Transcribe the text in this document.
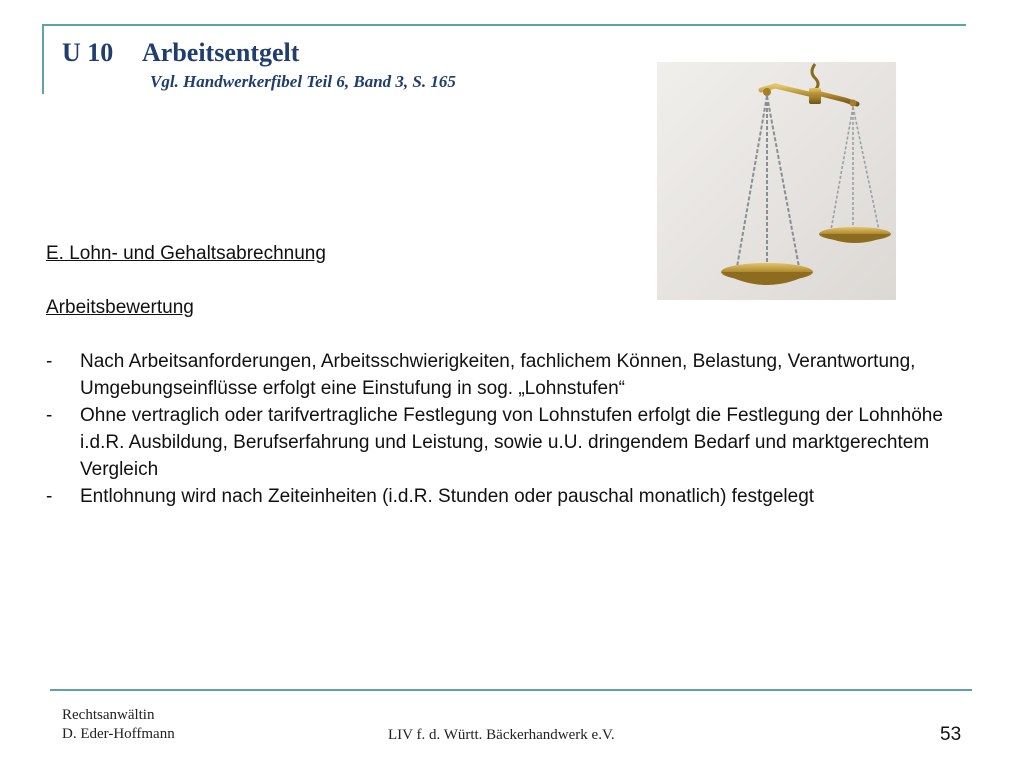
U 10 Arbeitsentgelt

Vgl. Handwerkerfibel Teil 6, Band 3, S. 165

E. Lohn- und Gehaltsabrechnung
Arbeitsbewertung
- Nach Arbeitsanforderungen, Arbeitsschwierigkeiten, fachlichem Können, Belastung, Verantwortung, Umgebungseinflüsse erfolgt eine Einstufung in sog. „Lohnstufen“
- Ohne vertraglich oder tarifvertragliche Festlegung von Lohnstufen erfolgt die Festlegung der Lohnhöhe i.d.R. Ausbildung, Berufserfahrung und Leistung, sowie u.U. dringendem Bedarf und marktgerechtem Vergleich
- Entlohnung wird nach Zeiteinheiten (i.d.R. Stunden oder pauschal monatlich) festgelegt
Rechtsanwältin
D. Eder-Hoffmann	LIV f. d. Württ. Bäckerhandwerk e.V.	53
